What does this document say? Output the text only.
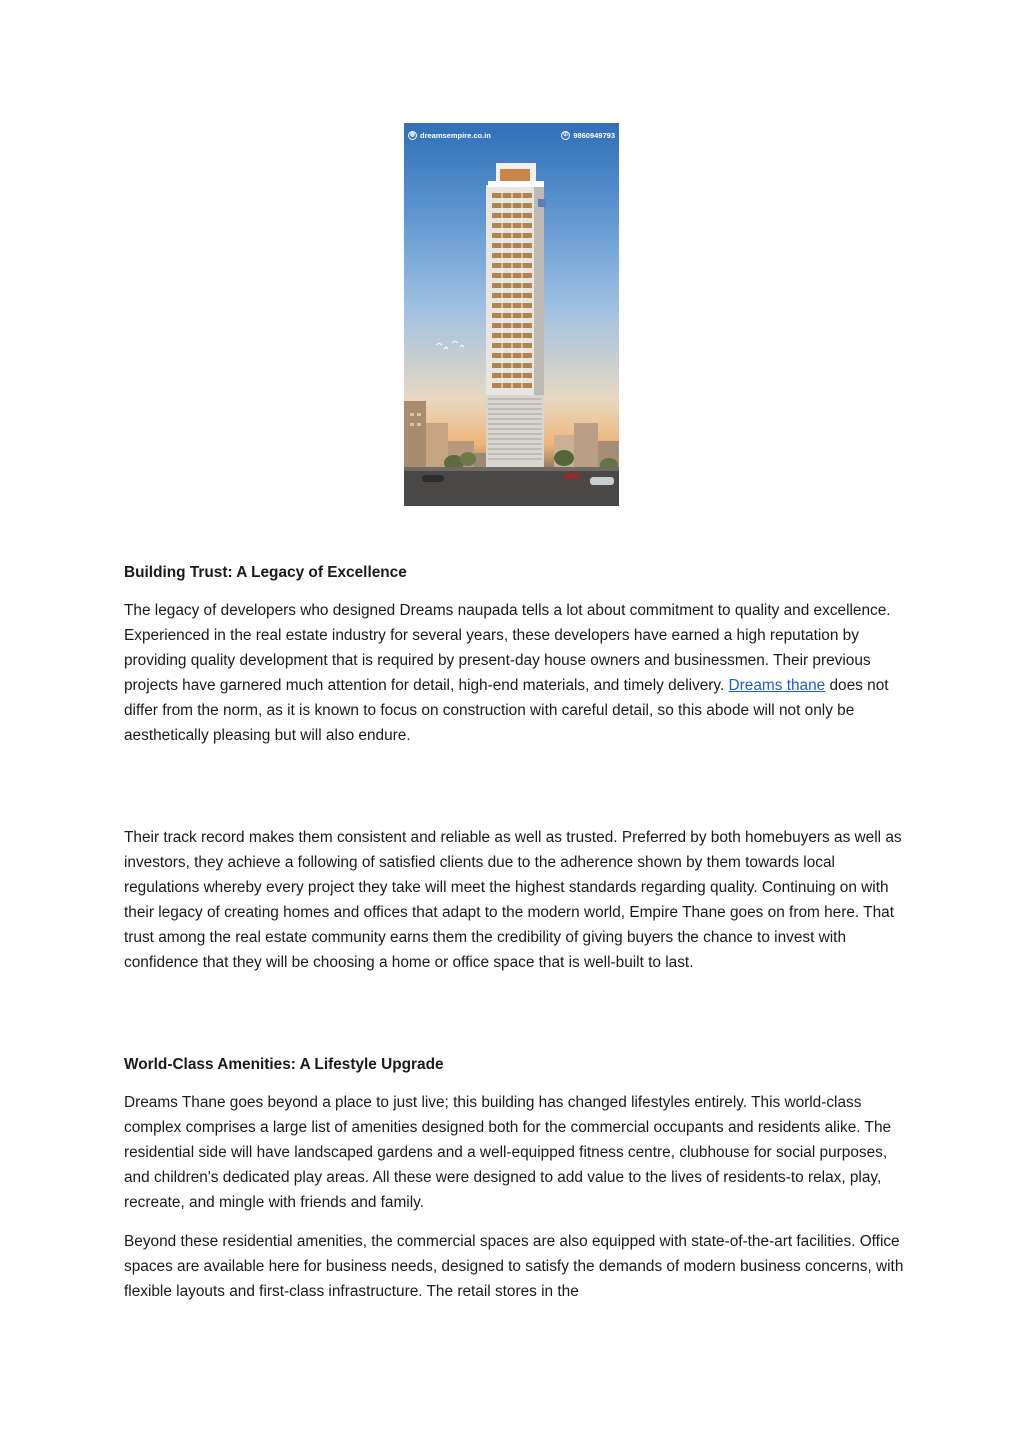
◍ dreamsempire.co.in	✆ 9860949793
Building Trust: A Legacy of Excellence

The legacy of developers who designed Dreams naupada tells a lot about commitment to quality and excellence. Experienced in the real estate industry for several years, these developers have earned a high reputation by providing quality development that is required by present-day house owners and businessmen. Their previous projects have garnered much attention for detail, high-end materials, and timely delivery. Dreams thane does not differ from the norm, as it is known to focus on construction with careful detail, so this abode will not only be aesthetically pleasing but will also endure.

Their track record makes them consistent and reliable as well as trusted. Preferred by both homebuyers as well as investors, they achieve a following of satisfied clients due to the adherence shown by them towards local regulations whereby every project they take will meet the highest standards regarding quality. Continuing on with their legacy of creating homes and offices that adapt to the modern world, Empire Thane goes on from here. That trust among the real estate community earns them the credibility of giving buyers the chance to invest with confidence that they will be choosing a home or office space that is well-built to last.

World-Class Amenities: A Lifestyle Upgrade

Dreams Thane goes beyond a place to just live; this building has changed lifestyles entirely. This world-class complex comprises a large list of amenities designed both for the commercial occupants and residents alike. The residential side will have landscaped gardens and a well-equipped fitness centre, clubhouse for social purposes, and children's dedicated play areas. All these were designed to add value to the lives of residents-to relax, play, recreate, and mingle with friends and family.

Beyond these residential amenities, the commercial spaces are also equipped with state-of-the-art facilities. Office spaces are available here for business needs, designed to satisfy the demands of modern business concerns, with flexible layouts and first-class infrastructure. The retail stores in the
